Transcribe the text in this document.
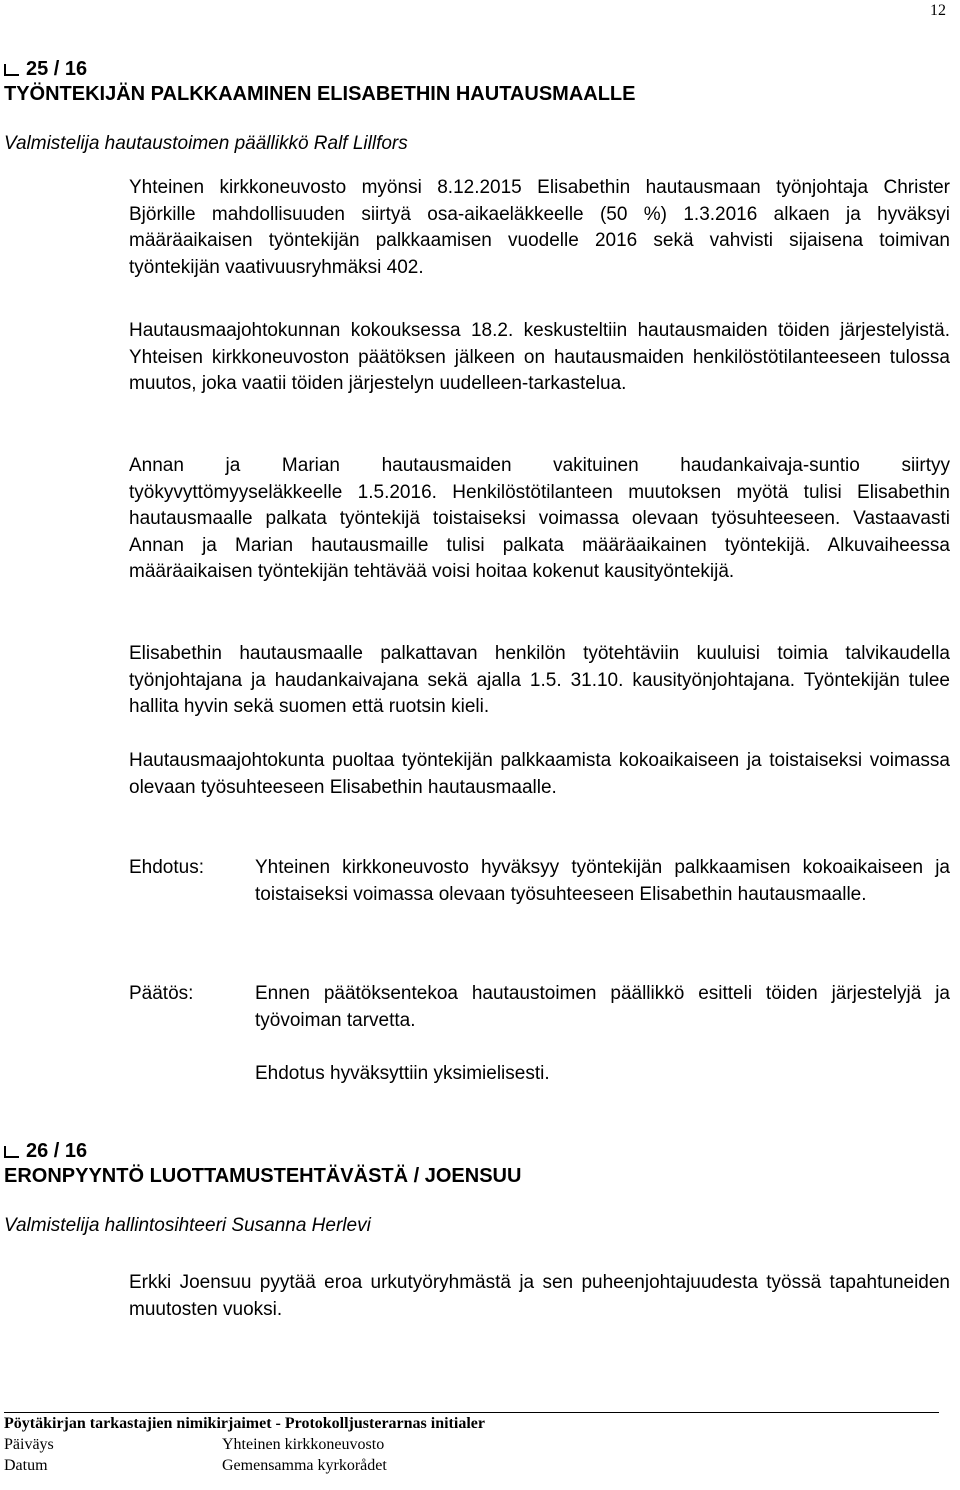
12
25 / 16
TYÖNTEKIJÄN PALKKAAMINEN ELISABETHIN HAUTAUSMAALLE
Valmistelija hautaustoimen päällikkö Ralf Lillfors

Yhteinen kirkkoneuvosto myönsi 8.12.2015 Elisabethin hautausmaan työnjohtaja Christer Björkille mahdollisuuden siirtyä osa-aikaeläkkeelle (50 %) 1.3.2016 alkaen ja hyväksyi määräaikaisen työntekijän palkkaamisen vuodelle 2016 sekä vahvisti sijaisena toimivan työntekijän vaativuusryhmäksi 402.

Hautausmaajohtokunnan kokouksessa 18.2. keskusteltiin hautausmaiden töiden järjestelyistä. Yhteisen kirkkoneuvoston päätöksen jälkeen on hautausmaiden henkilöstötilanteeseen tulossa muutos, joka vaatii töiden järjestelyn uudelleen-tarkastelua.

Annan ja Marian hautausmaiden vakituinen haudankaivaja-suntio siirtyy työkyvyttömyyseläkkeelle 1.5.2016. Henkilöstötilanteen muutoksen myötä tulisi Elisabethin hautausmaalle palkata työntekijä toistaiseksi voimassa olevaan työsuhteeseen. Vastaavasti Annan ja Marian hautausmaille tulisi palkata määräaikainen työntekijä. Alkuvaiheessa määräaikaisen työntekijän tehtävää voisi hoitaa kokenut kausityöntekijä.

Elisabethin hautausmaalle palkattavan henkilön työtehtäviin kuuluisi toimia talvikaudella työnjohtajana ja haudankaivajana sekä ajalla 1.5. 31.10. kausityönjohtajana. Työntekijän tulee hallita hyvin sekä suomen että ruotsin kieli.

Hautausmaajohtokunta puoltaa työntekijän palkkaamista kokoaikaiseen ja toistaiseksi voimassa olevaan työsuhteeseen Elisabethin hautausmaalle.

Ehdotus:	Yhteinen kirkkoneuvosto hyväksyy työntekijän palkkaamisen kokoaikaiseen ja toistaiseksi voimassa olevaan työsuhteeseen Elisabethin hautausmaalle.
Päätös:	Ennen päätöksentekoa hautaustoimen päällikkö esitteli töiden järjestelyjä ja työvoiman tarvetta.
Ehdotus hyväksyttiin yksimielisesti.
26 / 16
ERONPYYNTÖ LUOTTAMUSTEHTÄVÄSTÄ / JOENSUU
Valmistelija hallintosihteeri Susanna Herlevi

Erkki Joensuu pyytää eroa urkutyöryhmästä ja sen puheenjohtajuudesta työssä tapahtuneiden muutosten vuoksi.

Pöytäkirjan tarkastajien nimikirjaimet - Protokolljusterarnas initialer
Päiväys	Yhteinen kirkkoneuvosto
Datum	Gemensamma kyrkorådet
